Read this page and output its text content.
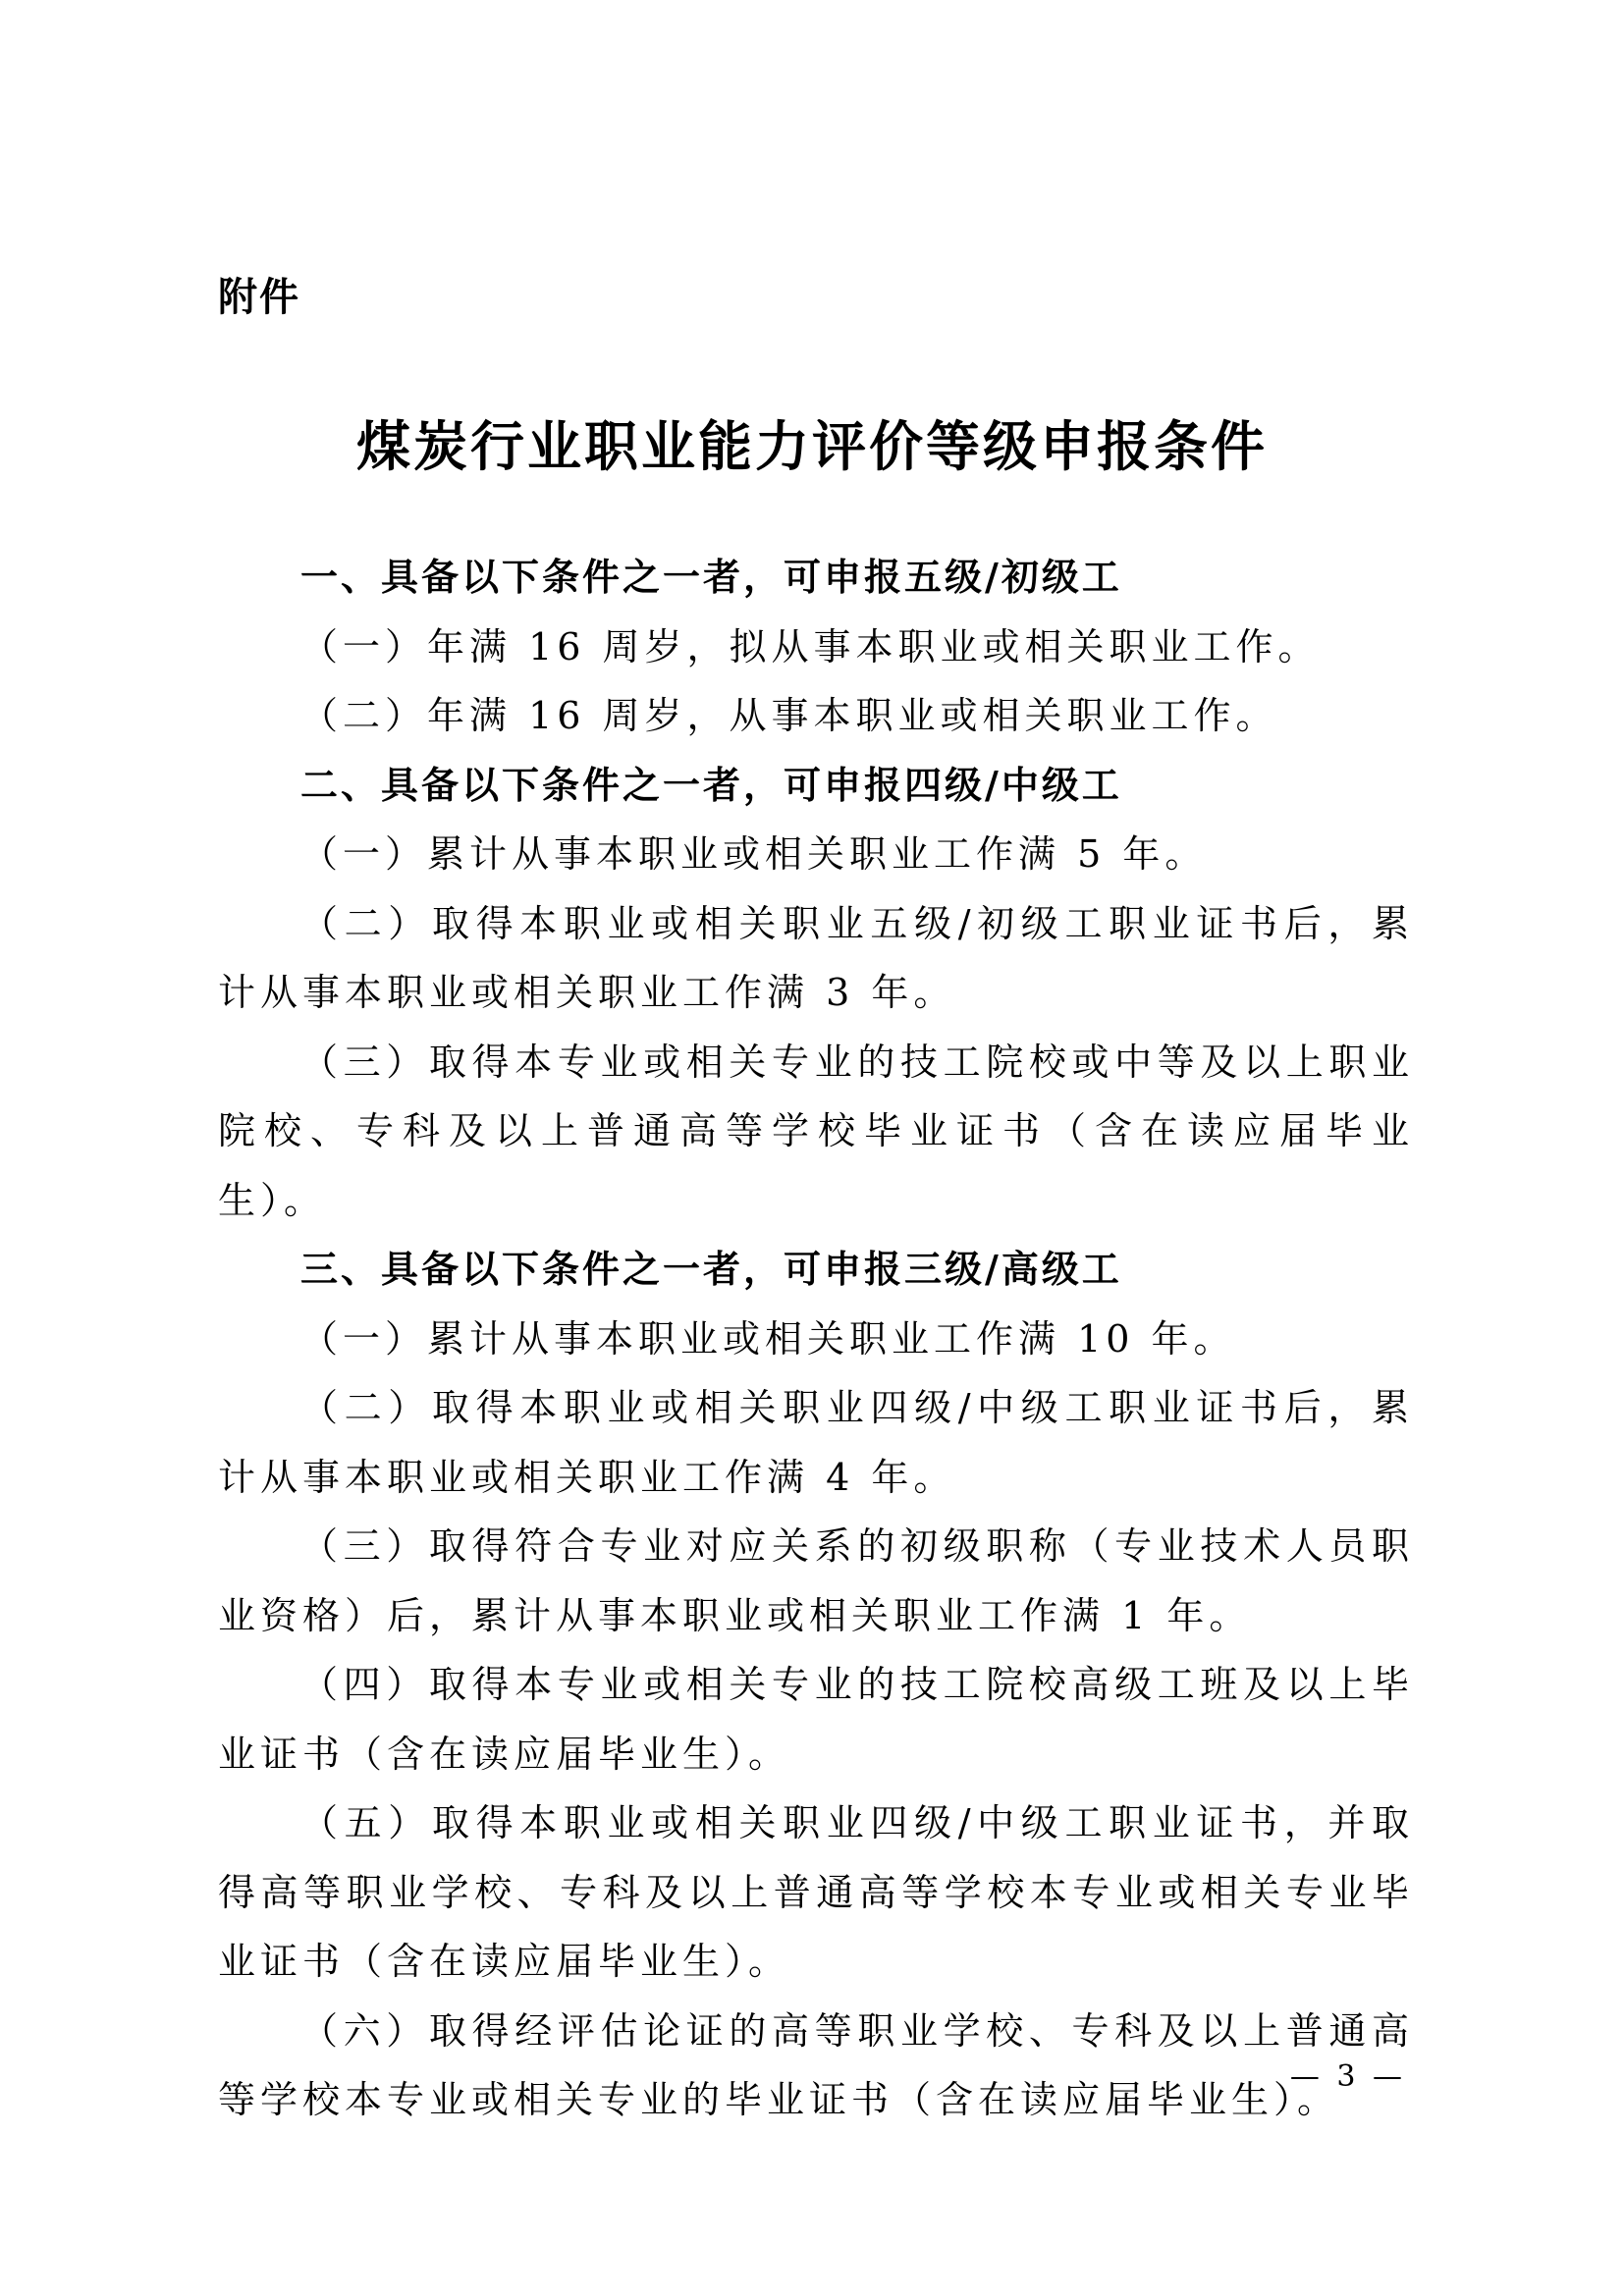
附件
煤炭行业职业能力评价等级申报条件

一、具备以下条件之一者，可申报五级/初级工

（一）年满 16 周岁，拟从事本职业或相关职业工作。

（二）年满 16 周岁，从事本职业或相关职业工作。

二、具备以下条件之一者，可申报四级/中级工

（一）累计从事本职业或相关职业工作满 5 年。

（二）取得本职业或相关职业五级/初级工职业证书后，累计从事本职业或相关职业工作满 3 年。

（三）取得本专业或相关专业的技工院校或中等及以上职业院校、专科及以上普通高等学校毕业证书（含在读应届毕业生）。

三、具备以下条件之一者，可申报三级/高级工

（一）累计从事本职业或相关职业工作满 10 年。

（二）取得本职业或相关职业四级/中级工职业证书后，累计从事本职业或相关职业工作满 4 年。

（三）取得符合专业对应关系的初级职称（专业技术人员职业资格）后，累计从事本职业或相关职业工作满 1 年。

（四）取得本专业或相关专业的技工院校高级工班及以上毕业证书（含在读应届毕业生）。

（五）取得本职业或相关职业四级/中级工职业证书，并取得高等职业学校、专科及以上普通高等学校本专业或相关专业毕业证书（含在读应届毕业生）。

（六）取得经评估论证的高等职业学校、专科及以上普通高等学校本专业或相关专业的毕业证书（含在读应届毕业生）。

— 3 —
